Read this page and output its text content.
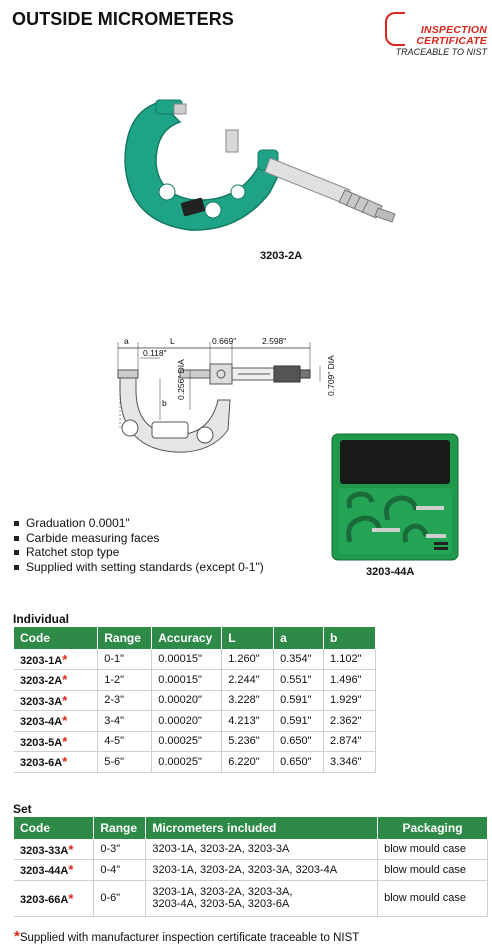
OUTSIDE MICROMETERS
INSPECTION
CERTIFICATE
TRACEABLE TO NIST
3203-2A
a	L	0.669"	2.598"
0.118"
b
0.256" DIA	0.709" DIA
3203-44A
Graduation 0.0001"
Carbide measuring faces
Ratchet stop type
Supplied with setting standards (except 0-1")
Individual
Code	Range	Accuracy	L	a	b
3203-1A*	0-1"	0.00015"	1.260"	0.354"	1.102"
3203-2A*	1-2"	0.00015"	2.244"	0.551"	1.496"
3203-3A*	2-3"	0.00020"	3.228"	0.591"	1.929"
3203-4A*	3-4"	0.00020"	4.213"	0.591"	2.362"
3203-5A*	4-5"	0.00025"	5.236"	0.650"	2.874"
3203-6A*	5-6"	0.00025"	6.220"	0.650"	3.346"
Set
Code	Range	Micrometers included	Packaging
3203-33A*	0-3"	3203-1A, 3203-2A, 3203-3A	blow mould case
3203-44A*	0-4"	3203-1A, 3203-2A, 3203-3A, 3203-4A	blow mould case
3203-66A*	0-6"	3203-1A, 3203-2A, 3203-3A,
3203-4A, 3203-5A, 3203-6A	blow mould case
*Supplied with manufacturer inspection certificate traceable to NIST
